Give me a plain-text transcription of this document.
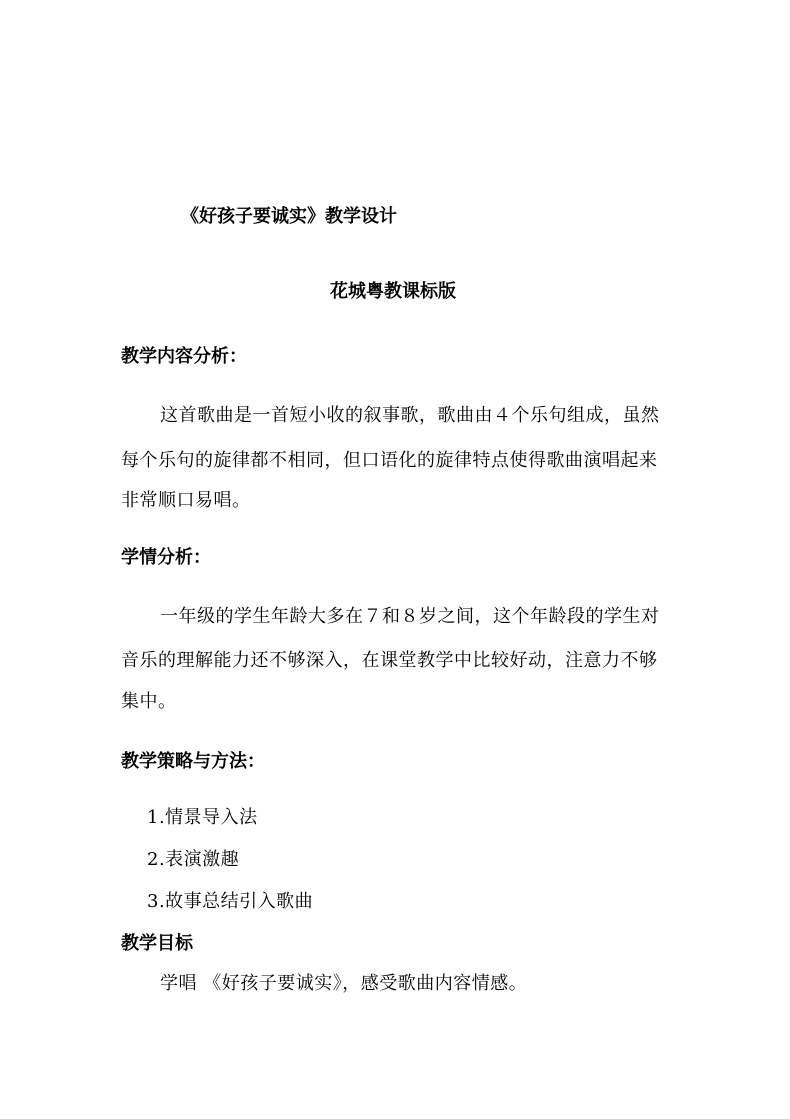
《好孩子要诚实》教学设计
花城粤教课标版
教学内容分析：
这首歌曲是一首短小收的叙事歌，歌曲由４个乐句组成，虽然
每个乐句的旋律都不相同，但口语化的旋律特点使得歌曲演唱起来
非常顺口易唱。
学情分析：
一年级的学生年龄大多在７和８岁之间，这个年龄段的学生对
音乐的理解能力还不够深入，在课堂教学中比较好动，注意力不够
集中。
教学策略与方法：
1.情景导入法
2.表演激趣
3.故事总结引入歌曲
教学目标
学唱 《好孩子要诚实》，感受歌曲内容情感。
